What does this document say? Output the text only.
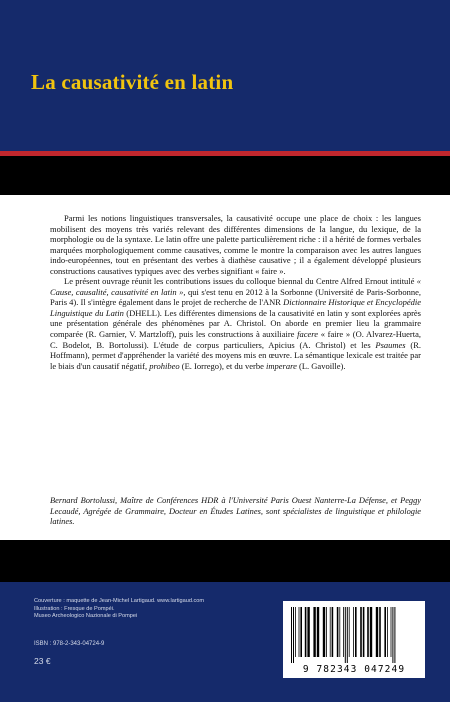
La causativité en latin

Parmi les notions linguistiques transversales, la causativité occupe une place de choix : les langues mobilisent des moyens très variés relevant des différentes dimensions de la langue, du lexique, de la morphologie ou de la syntaxe. Le latin offre une palette particulièrement riche : il a hérité de formes verbales marquées morphologiquement comme causatives, comme le montre la comparaison avec les autres langues indo-européennes, tout en présentant des verbes à diathèse causative ; il a également développé plusieurs constructions causatives typiques avec des verbes signifiant « faire ».

Le présent ouvrage réunit les contributions issues du colloque biennal du Centre Alfred Ernout intitulé « Cause, causalité, causativité en latin », qui s'est tenu en 2012 à la Sorbonne (Université de Paris-Sorbonne, Paris 4). Il s'intègre également dans le projet de recherche de l'ANR Dictionnaire Historique et Encyclopédie Linguistique du Latin (DHELL). Les différentes dimensions de la causativité en latin y sont explorées après une présentation générale des phénomènes par A. Christol. On aborde en premier lieu la grammaire comparée (R. Garnier, V. Martzloff), puis les constructions à auxiliaire facere « faire » (O. Alvarez-Huerta, C. Bodelot, B. Bortolussi). L'étude de corpus particuliers, Apicius (A. Christol) et les Psaumes (R. Hoffmann), permet d'appréhender la variété des moyens mis en œuvre. La sémantique lexicale est traitée par le biais d'un causatif négatif, prohibeo (E. Iorrego), et du verbe imperare (L. Gavoille).

Bernard Bortolussi, Maître de Conférences HDR à l'Université Paris Ouest Nanterre-La Défense, et Peggy Lecaudé, Agrégée de Grammaire, Docteur en Études Latines, sont spécialistes de linguistique et philologie latines.
Couverture : maquette de Jean-Michel Lartigaud. www.lartigaud.com
Illustration : Fresque de Pompéi.
Museo Archeologico Nazionale di Pompei
ISBN : 978-2-343-04724-9
23 €
9 782343 047249
